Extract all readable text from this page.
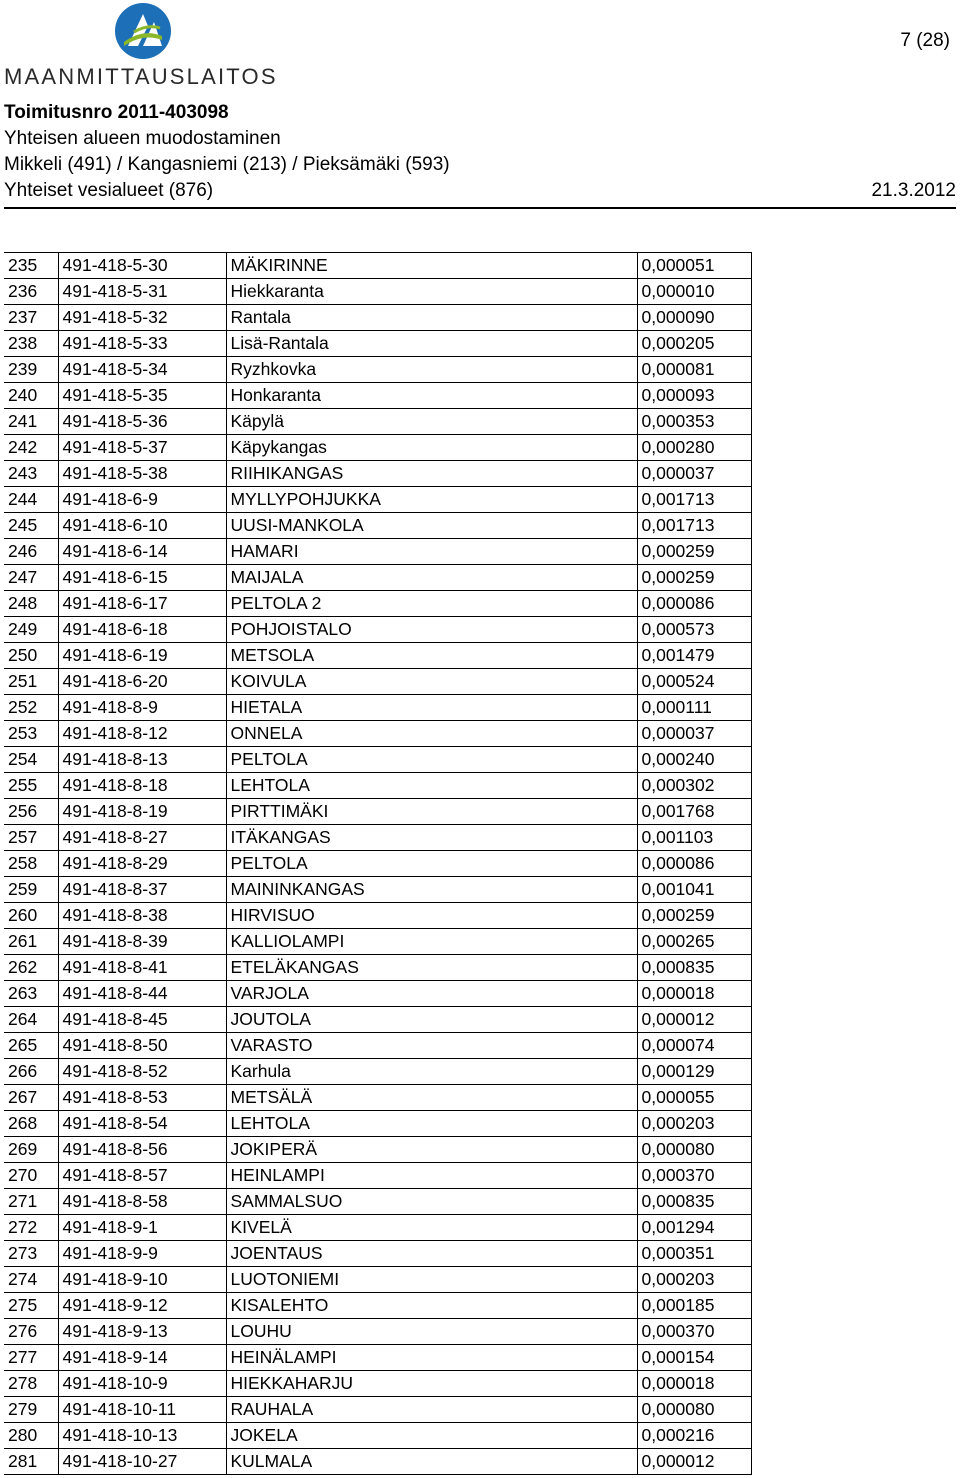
MAANMITTAUSLAITOS
7 (28)
Toimitusnro 2011-403098
Yhteisen alueen muodostaminen
Mikkeli (491) / Kangasniemi (213) / Pieksämäki (593)
Yhteiset vesialueet (876)	21.3.2012
235	491-418-5-30	MÄKIRINNE	0,000051
236	491-418-5-31	Hiekkaranta	0,000010
237	491-418-5-32	Rantala	0,000090
238	491-418-5-33	Lisä-Rantala	0,000205
239	491-418-5-34	Ryzhkovka	0,000081
240	491-418-5-35	Honkaranta	0,000093
241	491-418-5-36	Käpylä	0,000353
242	491-418-5-37	Käpykangas	0,000280
243	491-418-5-38	RIIHIKANGAS	0,000037
244	491-418-6-9	MYLLYPOHJUKKA	0,001713
245	491-418-6-10	UUSI-MANKOLA	0,001713
246	491-418-6-14	HAMARI	0,000259
247	491-418-6-15	MAIJALA	0,000259
248	491-418-6-17	PELTOLA 2	0,000086
249	491-418-6-18	POHJOISTALO	0,000573
250	491-418-6-19	METSOLA	0,001479
251	491-418-6-20	KOIVULA	0,000524
252	491-418-8-9	HIETALA	0,000111
253	491-418-8-12	ONNELA	0,000037
254	491-418-8-13	PELTOLA	0,000240
255	491-418-8-18	LEHTOLA	0,000302
256	491-418-8-19	PIRTTIMÄKI	0,001768
257	491-418-8-27	ITÄKANGAS	0,001103
258	491-418-8-29	PELTOLA	0,000086
259	491-418-8-37	MAININKANGAS	0,001041
260	491-418-8-38	HIRVISUO	0,000259
261	491-418-8-39	KALLIOLAMPI	0,000265
262	491-418-8-41	ETELÄKANGAS	0,000835
263	491-418-8-44	VARJOLA	0,000018
264	491-418-8-45	JOUTOLA	0,000012
265	491-418-8-50	VARASTO	0,000074
266	491-418-8-52	Karhula	0,000129
267	491-418-8-53	METSÄLÄ	0,000055
268	491-418-8-54	LEHTOLA	0,000203
269	491-418-8-56	JOKIPERÄ	0,000080
270	491-418-8-57	HEINLAMPI	0,000370
271	491-418-8-58	SAMMALSUO	0,000835
272	491-418-9-1	KIVELÄ	0,001294
273	491-418-9-9	JOENTAUS	0,000351
274	491-418-9-10	LUOTONIEMI	0,000203
275	491-418-9-12	KISALEHTO	0,000185
276	491-418-9-13	LOUHU	0,000370
277	491-418-9-14	HEINÄLAMPI	0,000154
278	491-418-10-9	HIEKKAHARJU	0,000018
279	491-418-10-11	RAUHALA	0,000080
280	491-418-10-13	JOKELA	0,000216
281	491-418-10-27	KULMALA	0,000012
